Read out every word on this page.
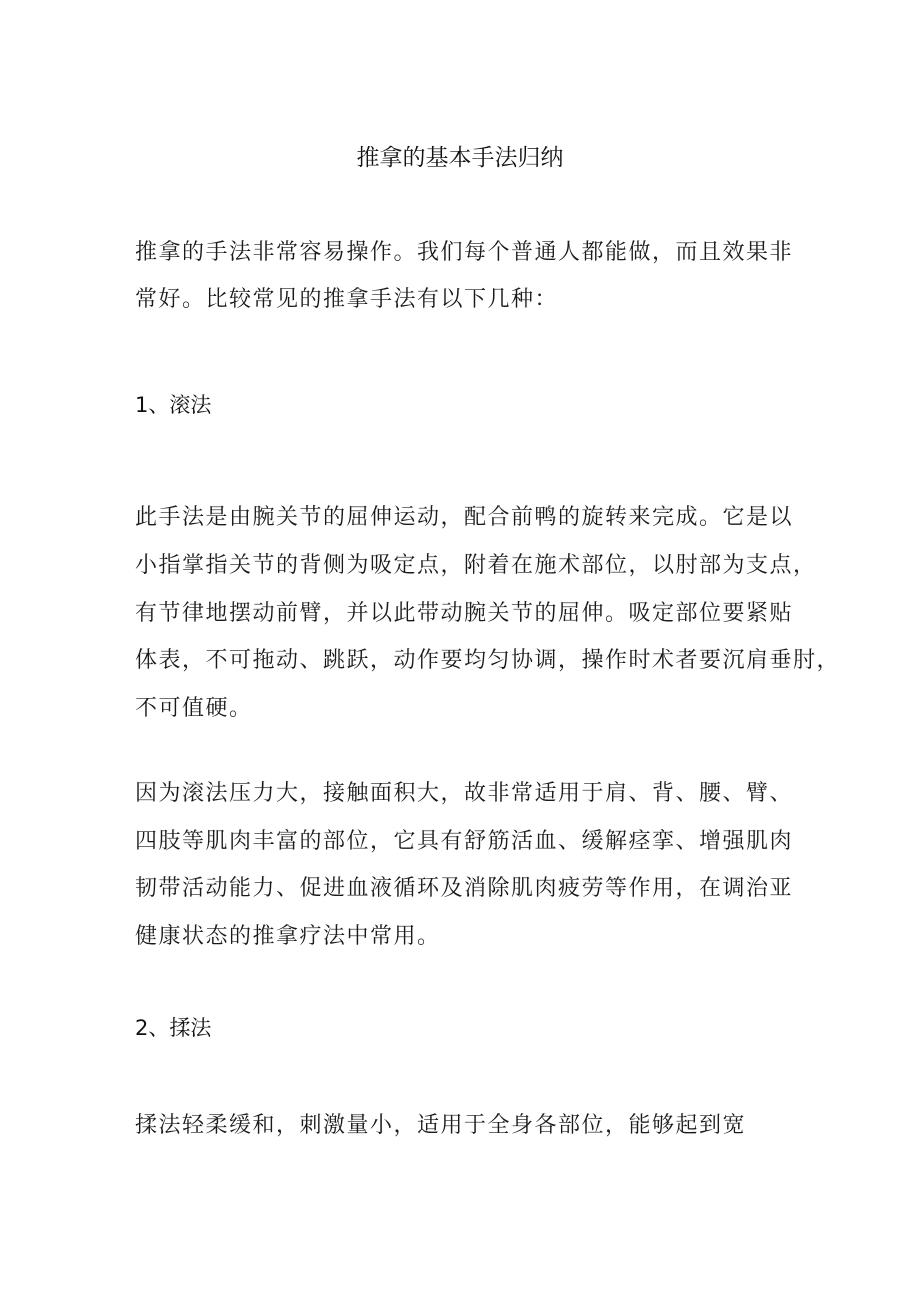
推拿的基本手法归纳
推拿的手法非常容易操作。我们每个普通人都能做，而且效果非
常好。比较常见的推拿手法有以下几种：
1、滚法
此手法是由腕关节的屈伸运动，配合前鸭的旋转来完成。它是以
小指掌指关节的背侧为吸定点，附着在施术部位，以肘部为支点，
有节律地摆动前臂，并以此带动腕关节的屈伸。吸定部位要紧贴
体表，不可拖动、跳跃，动作要均匀协调，操作时术者要沉肩垂肘，
不可值硬。
因为滚法压力大，接触面积大，故非常适用于肩、背、腰、臂、
四肢等肌肉丰富的部位，它具有舒筋活血、缓解痉挛、增强肌肉
韧带活动能力、促进血液循环及消除肌肉疲劳等作用，在调治亚
健康状态的推拿疗法中常用。
2、揉法
揉法轻柔缓和，刺激量小，适用于全身各部位，能够起到宽
